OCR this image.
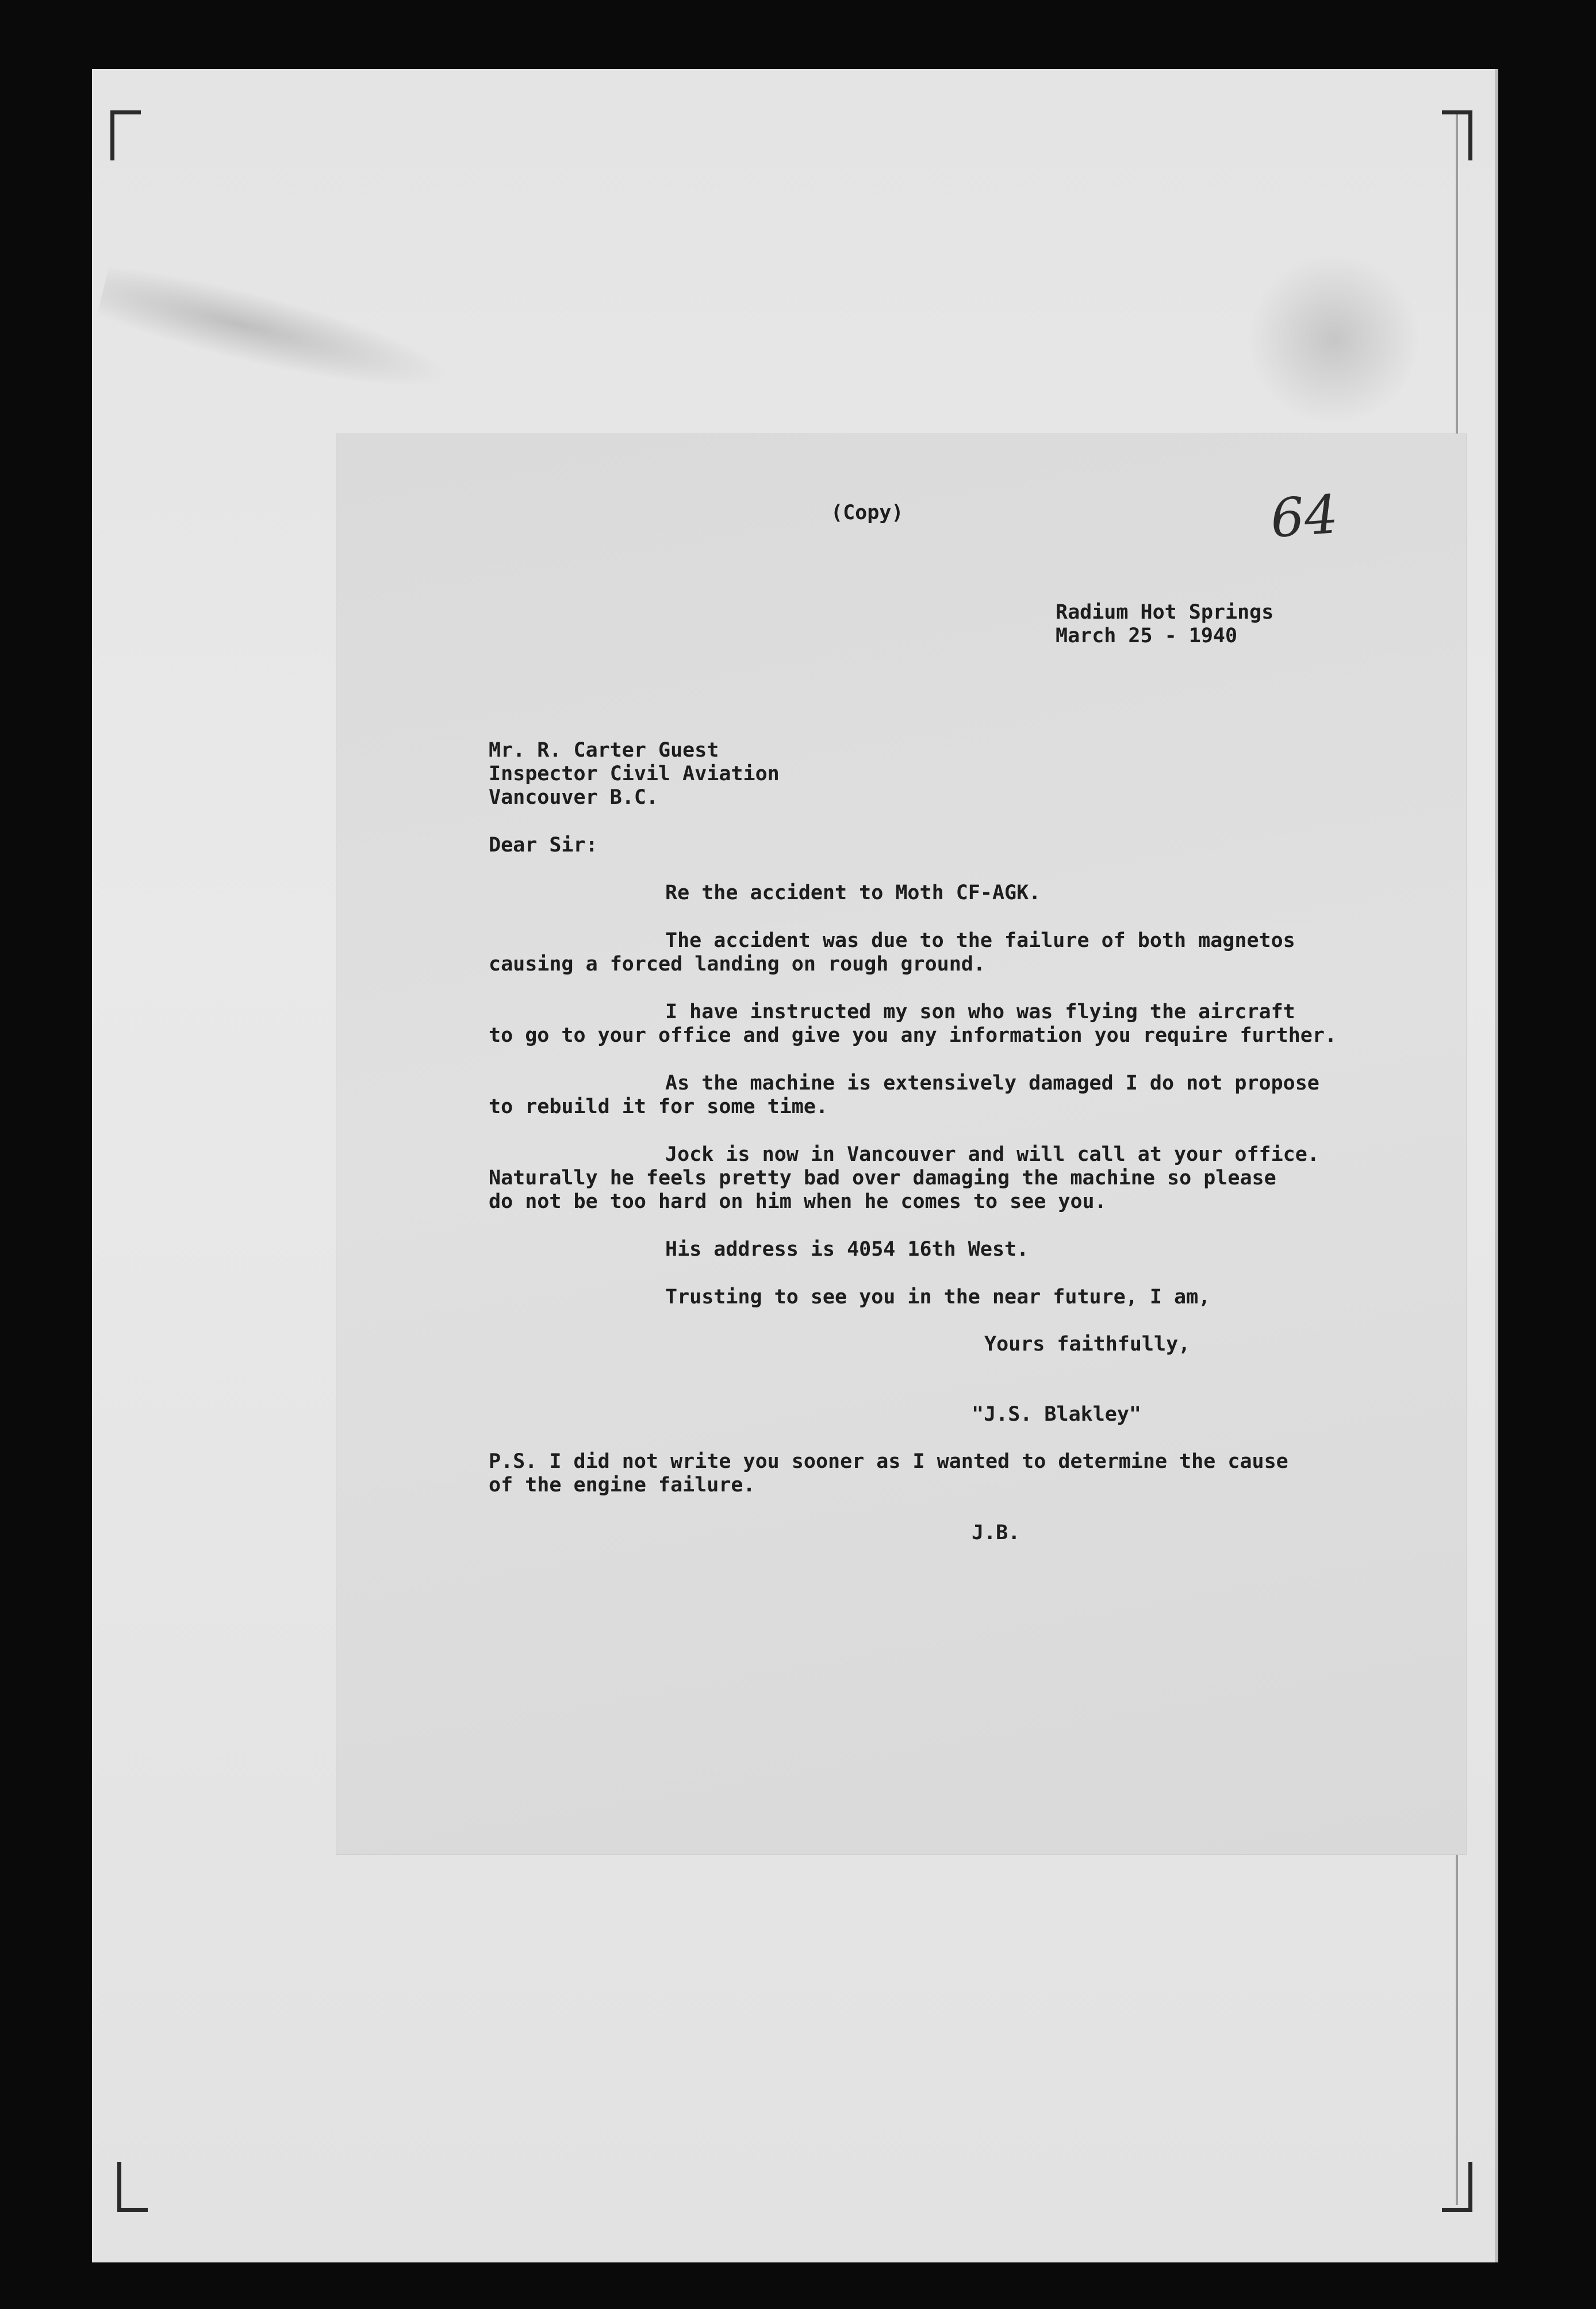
64

(Copy)

Radium Hot Springs

March 25 - 1940

Mr. R. Carter Guest

Inspector Civil Aviation

Vancouver B.C.

Dear Sir:

Re the accident to Moth CF-AGK.

The accident was due to the failure of both magnetos

causing a forced landing on rough ground.

I have instructed my son who was flying the aircraft

to go to your office and give you any information you require further.

As the machine is extensively damaged I do not propose

to rebuild it for some time.

Jock is now in Vancouver and will call at your office.

Naturally he feels pretty bad over damaging the machine so please

do not be too hard on him when he comes to see you.

His address is 4054 16th West.

Trusting to see you in the near future, I am,

Yours faithfully,

"J.S. Blakley"

P.S. I did not write you sooner as I wanted to determine the cause

of the engine failure.

J.B.
